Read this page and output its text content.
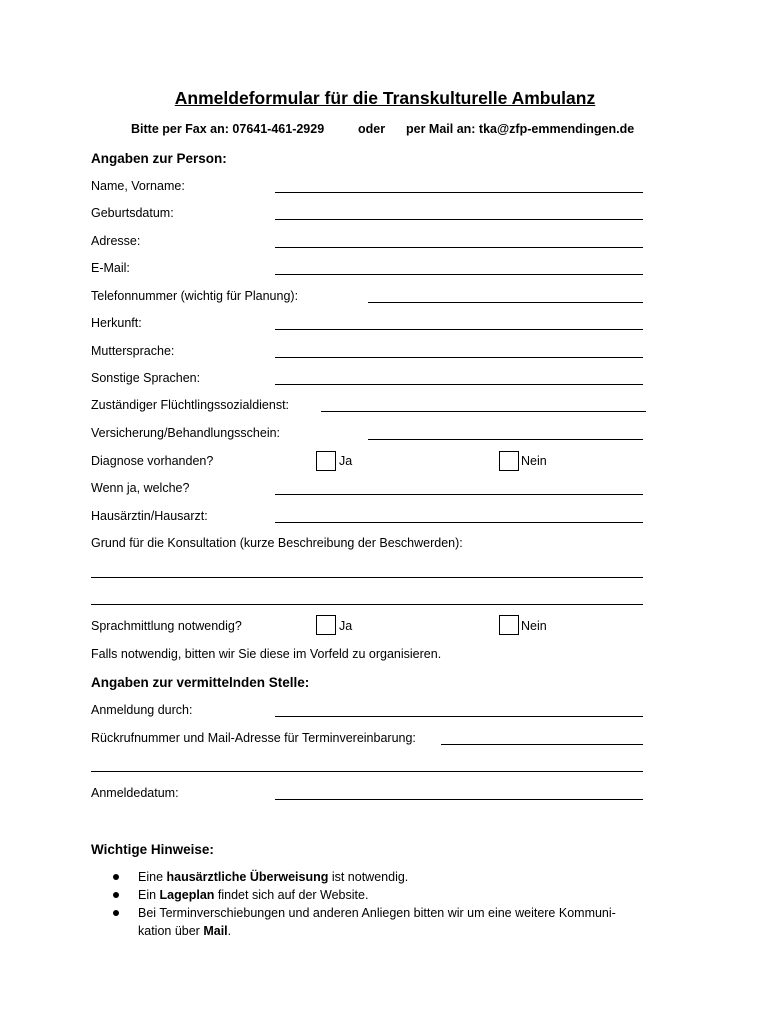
Anmeldeformular für die Transkulturelle Ambulanz
Bitte per Fax an: 07641-461-2929	oder per Mail an: tka@zfp-emmendingen.de
Angaben zur Person:
Name, Vorname:
Geburtsdatum:
Adresse:
E-Mail:
Telefonnummer (wichtig für Planung):
Herkunft:
Muttersprache:
Sonstige Sprachen:
Zuständiger Flüchtlingssozialdienst:
Versicherung/Behandlungsschein:
Diagnose vorhanden?	Ja	Nein
Wenn ja, welche?
Hausärztin/Hausarzt:
Grund für die Konsultation (kurze Beschreibung der Beschwerden):
Sprachmittlung notwendig?	Ja	Nein
Falls notwendig, bitten wir Sie diese im Vorfeld zu organisieren.
Angaben zur vermittelnden Stelle:
Anmeldung durch:
Rückrufnummer und Mail-Adresse für Terminvereinbarung:
Anmeldedatum:
Wichtige Hinweise:
Eine hausärztliche Überweisung ist notwendig.
Ein Lageplan findet sich auf der Website.
Bei Terminverschiebungen und anderen Anliegen bitten wir um eine weitere Kommuni-kation über Mail.
